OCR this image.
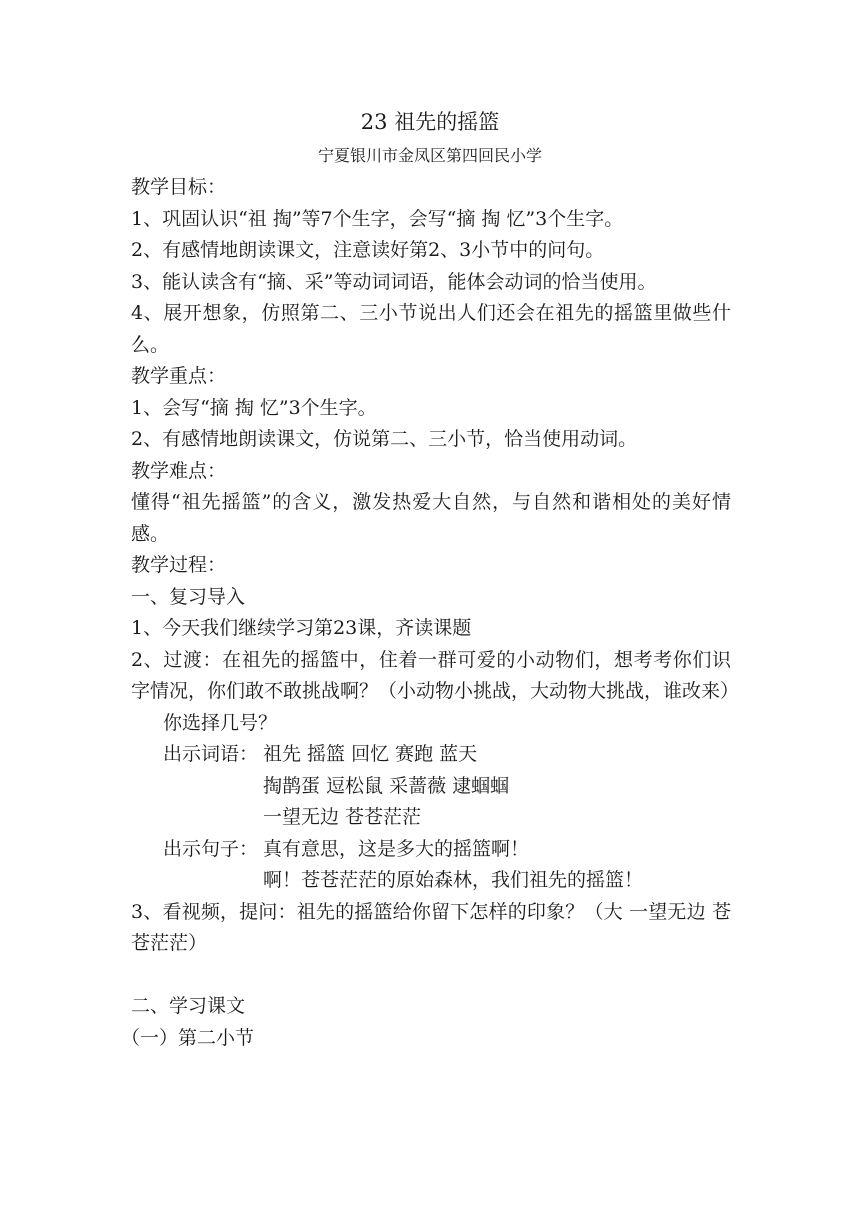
23 祖先的摇篮
宁夏银川市金凤区第四回民小学

教学目标：

1、巩固认识“祖 掏”等7个生字，会写“摘 掏 忆”3个生字。

2、有感情地朗读课文，注意读好第2、3小节中的问句。

3、能认读含有“摘、采”等动词词语，能体会动词的恰当使用。

4、展开想象，仿照第二、三小节说出人们还会在祖先的摇篮里做些什么。

教学重点：

1、会写“摘 掏 忆”3个生字。

2、有感情地朗读课文，仿说第二、三小节，恰当使用动词。

教学难点：

懂得“祖先摇篮”的含义，激发热爱大自然，与自然和谐相处的美好情感。

教学过程：

一、复习导入

1、今天我们继续学习第23课，齐读课题

2、过渡：在祖先的摇篮中，住着一群可爱的小动物们，想考考你们识字情况，你们敢不敢挑战啊？（小动物小挑战，大动物大挑战，谁改来）

你选择几号？

出示词语： 祖先 摇篮 回忆 赛跑 蓝天
掏鹊蛋 逗松鼠 采蔷薇 逮蝈蝈
一望无边 苍苍茫茫
出示句子： 真有意思，这是多大的摇篮啊！
啊！苍苍茫茫的原始森林，我们祖先的摇篮！

3、看视频，提问：祖先的摇篮给你留下怎样的印象？（大 一望无边 苍苍茫茫）

二、学习课文

（一）第二小节
